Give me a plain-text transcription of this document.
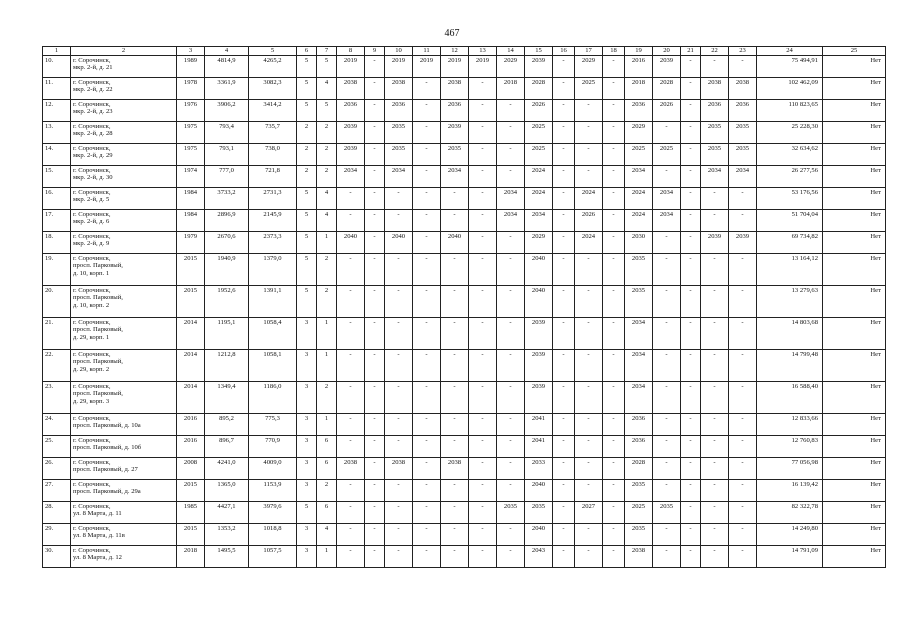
467
1	2	3	4	5	6	7	8	9	10	11	12	13	14	15	16	17	18	19	20	21	22	23	24	25
10.	г. Сорочинск,
мкр. 2-й, д. 21	1989	4814,9	4265,2	5	5	2019	-	2019	2019	2019	2019	2029	2039	-	2029	-	2016	2039	-	-	-	75 494,91	Нет
11.	г. Сорочинск,
мкр. 2-й, д. 22	1978	3361,9	3082,3	5	4	2038	-	2038	-	2038	-	2018	2028	-	2025	-	2018	2028	-	2038	2038	102 462,09	Нет
12.	г. Сорочинск,
мкр. 2-й, д. 23	1976	3906,2	3414,2	5	5	2036	-	2036	-	2036	-	-	2026	-	-	-	2036	2026	-	2036	2036	110 823,65	Нет
13.	г. Сорочинск,
мкр. 2-й, д. 28	1975	793,4	735,7	2	2	2039	-	2035	-	2039	-	-	2025	-	-	-	2029	-	-	2035	2035	25 228,30	Нет
14.	г. Сорочинск,
мкр. 2-й, д. 29	1975	793,1	738,0	2	2	2039	-	2035	-	2035	-	-	2025	-	-	-	2025	2025	-	2035	2035	32 634,62	Нет
15.	г. Сорочинск,
мкр. 2-й, д. 30	1974	777,0	721,8	2	2	2034	-	2034	-	2034	-	-	2024	-	-	-	2034	-	-	2034	2034	26 277,56	Нет
16.	г. Сорочинск,
мкр. 2-й, д. 5	1984	3733,2	2731,3	5	4	-	-	-	-	-	-	2034	2024	-	2024	-	2024	2034	-	-	-	53 176,56	Нет
17.	г. Сорочинск,
мкр. 2-й, д. 6	1984	2896,9	2145,9	5	4	-	-	-	-	-	-	2034	2034	-	2026	-	2024	2034	-	-	-	51 704,04	Нет
18.	г. Сорочинск,
мкр. 2-й, д. 9	1979	2670,6	2373,3	5	1	2040	-	2040	-	2040	-	-	2029	-	2024	-	2030	-	-	2039	2039	69 734,82	Нет
19.	г. Сорочинск,
просп. Парковый,
д. 10, корп. 1	2015	1940,9	1379,0	5	2	-	-	-	-	-	-	-	2040	-	-	-	2035	-	-	-	-	13 164,12	Нет
20.	г. Сорочинск,
просп. Парковый,
д. 10, корп. 2	2015	1952,6	1391,1	5	2	-	-	-	-	-	-	-	2040	-	-	-	2035	-	-	-	-	13 279,63	Нет
21.	г. Сорочинск,
просп. Парковый,
д. 29, корп. 1	2014	1195,1	1058,4	3	1	-	-	-	-	-	-	-	2039	-	-	-	2034	-	-	-	-	14 803,68	Нет
22.	г. Сорочинск,
просп. Парковый,
д. 29, корп. 2	2014	1212,8	1058,1	3	1	-	-	-	-	-	-	-	2039	-	-	-	2034	-	-	-	-	14 799,48	Нет
23.	г. Сорочинск,
просп. Парковый,
д. 29, корп. 3	2014	1349,4	1186,0	3	2	-	-	-	-	-	-	-	2039	-	-	-	2034	-	-	-	-	16 588,40	Нет
24.	г. Сорочинск,
просп. Парковый, д. 10а	2016	895,2	775,3	3	1	-	-	-	-	-	-	-	2041	-	-	-	2036	-	-	-	-	12 833,66	Нет
25.	г. Сорочинск,
просп. Парковый, д. 10б	2016	896,7	770,9	3	6	-	-	-	-	-	-	-	2041	-	-	-	2036	-	-	-	-	12 760,83	Нет
26.	г. Сорочинск,
просп. Парковый, д. 27	2008	4241,0	4009,0	3	6	2038	-	2038	-	2038	-	-	2033	-	-	-	2028	-	-	-	-	77 056,98	Нет
27.	г. Сорочинск,
просп. Парковый, д. 29а	2015	1365,0	1153,9	3	2	-	-	-	-	-	-	-	2040	-	-	-	2035	-	-	-	-	16 139,42	Нет
28.	г. Сорочинск,
ул. 8 Марта, д. 11	1985	4427,1	3979,6	5	6	-	-	-	-	-	-	2035	2035	-	2027	-	2025	2035	-	-	-	82 322,78	Нет
29.	г. Сорочинск,
ул. 8 Марта, д. 11в	2015	1353,2	1018,8	3	4	-	-	-	-	-	-	-	2040	-	-	-	2035	-	-	-	-	14 249,80	Нет
30.	г. Сорочинск,
ул. 8 Марта, д. 12	2018	1495,5	1057,5	3	1	-	-	-	-	-	-	-	2043	-	-	-	2038	-	-	-	-	14 791,09	Нет
